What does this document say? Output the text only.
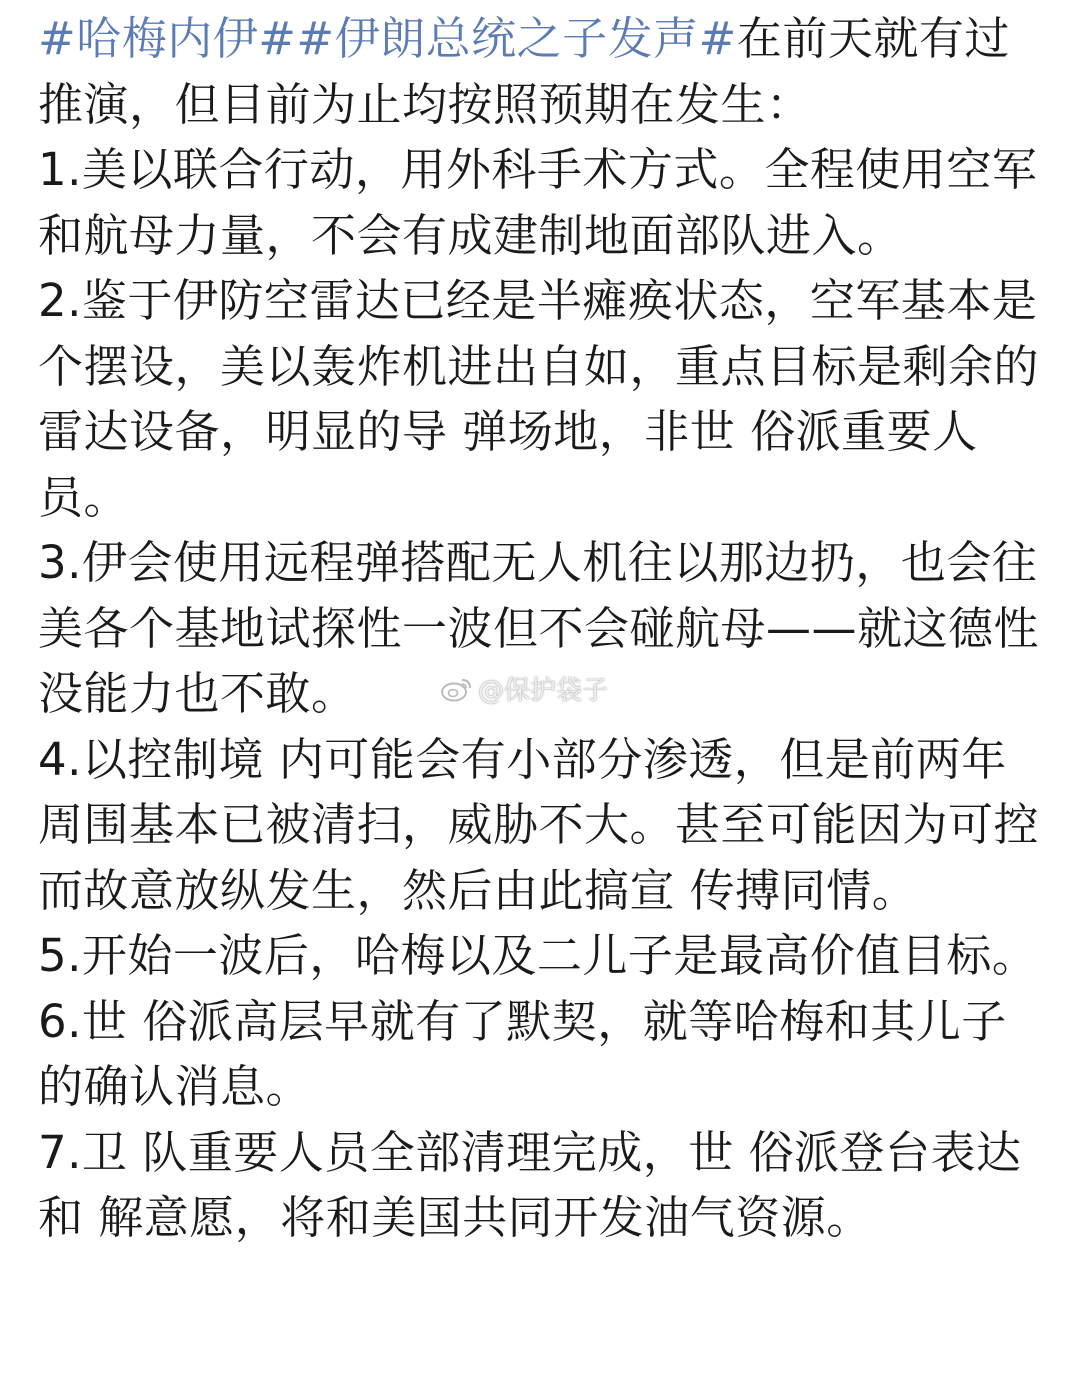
#哈梅内伊##伊朗总统之子发声#在前天就有过推演，但目前为止均按照预期在发生：

1.美以联合行动，用外科手术方式。全程使用空军和航母力量，不会有成建制地面部队进入。

2.鉴于伊防空雷达已经是半瘫痪状态，空军基本是个摆设，美以轰炸机进出自如，重点目标是剩余的雷达设备，明显的导 弹场地，非世 俗派重要人员。

3.伊会使用远程弹搭配无人机往以那边扔，也会往美各个基地试探性一波但不会碰航母——就这德性没能力也不敢。

4.以控制境 内可能会有小部分渗透，但是前两年周围基本已被清扫，威胁不大。甚至可能因为可控而故意放纵发生，然后由此搞宣 传搏同情。

5.开始一波后，哈梅以及二儿子是最高价值目标。

6.世 俗派高层早就有了默契，就等哈梅和其儿子的确认消息。

7.卫 队重要人员全部清理完成，世 俗派登台表达和 解意愿，将和美国共同开发油气资源。

@保护袋子
